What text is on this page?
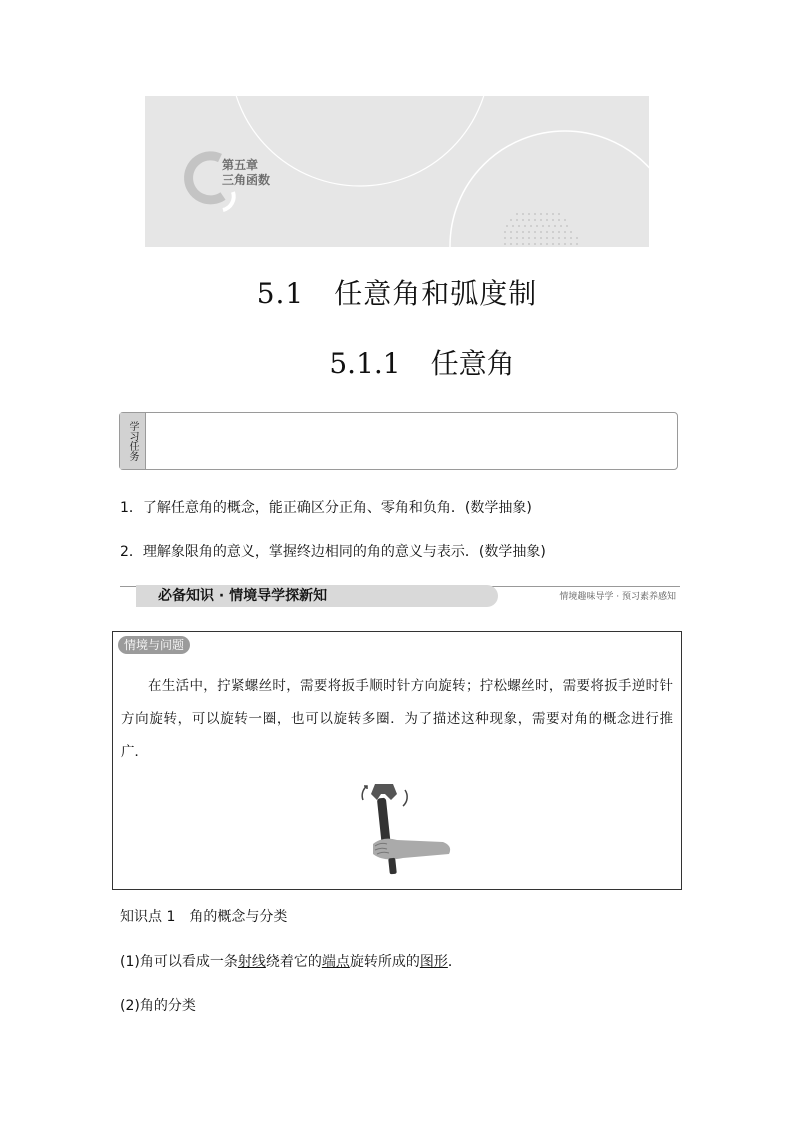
第五章
三角函数
5.1 任意角和弧度制
5.1.1 任意角
学习任务
1．了解任意角的概念，能正确区分正角、零角和负角．(数学抽象)
2．理解象限角的意义，掌握终边相同的角的意义与表示．(数学抽象)
必备知识 · 情境导学探新知	情境趣味导学 · 预习素养感知
情境与问题
在生活中，拧紧螺丝时，需要将扳手顺时针方向旋转；拧松螺丝时，需要将扳手逆时针方向旋转，可以旋转一圈，也可以旋转多圈．为了描述这种现象，需要对角的概念进行推广．
知识点 1　角的概念与分类
(1)角可以看成一条射线绕着它的端点旋转所成的图形．
(2)角的分类
